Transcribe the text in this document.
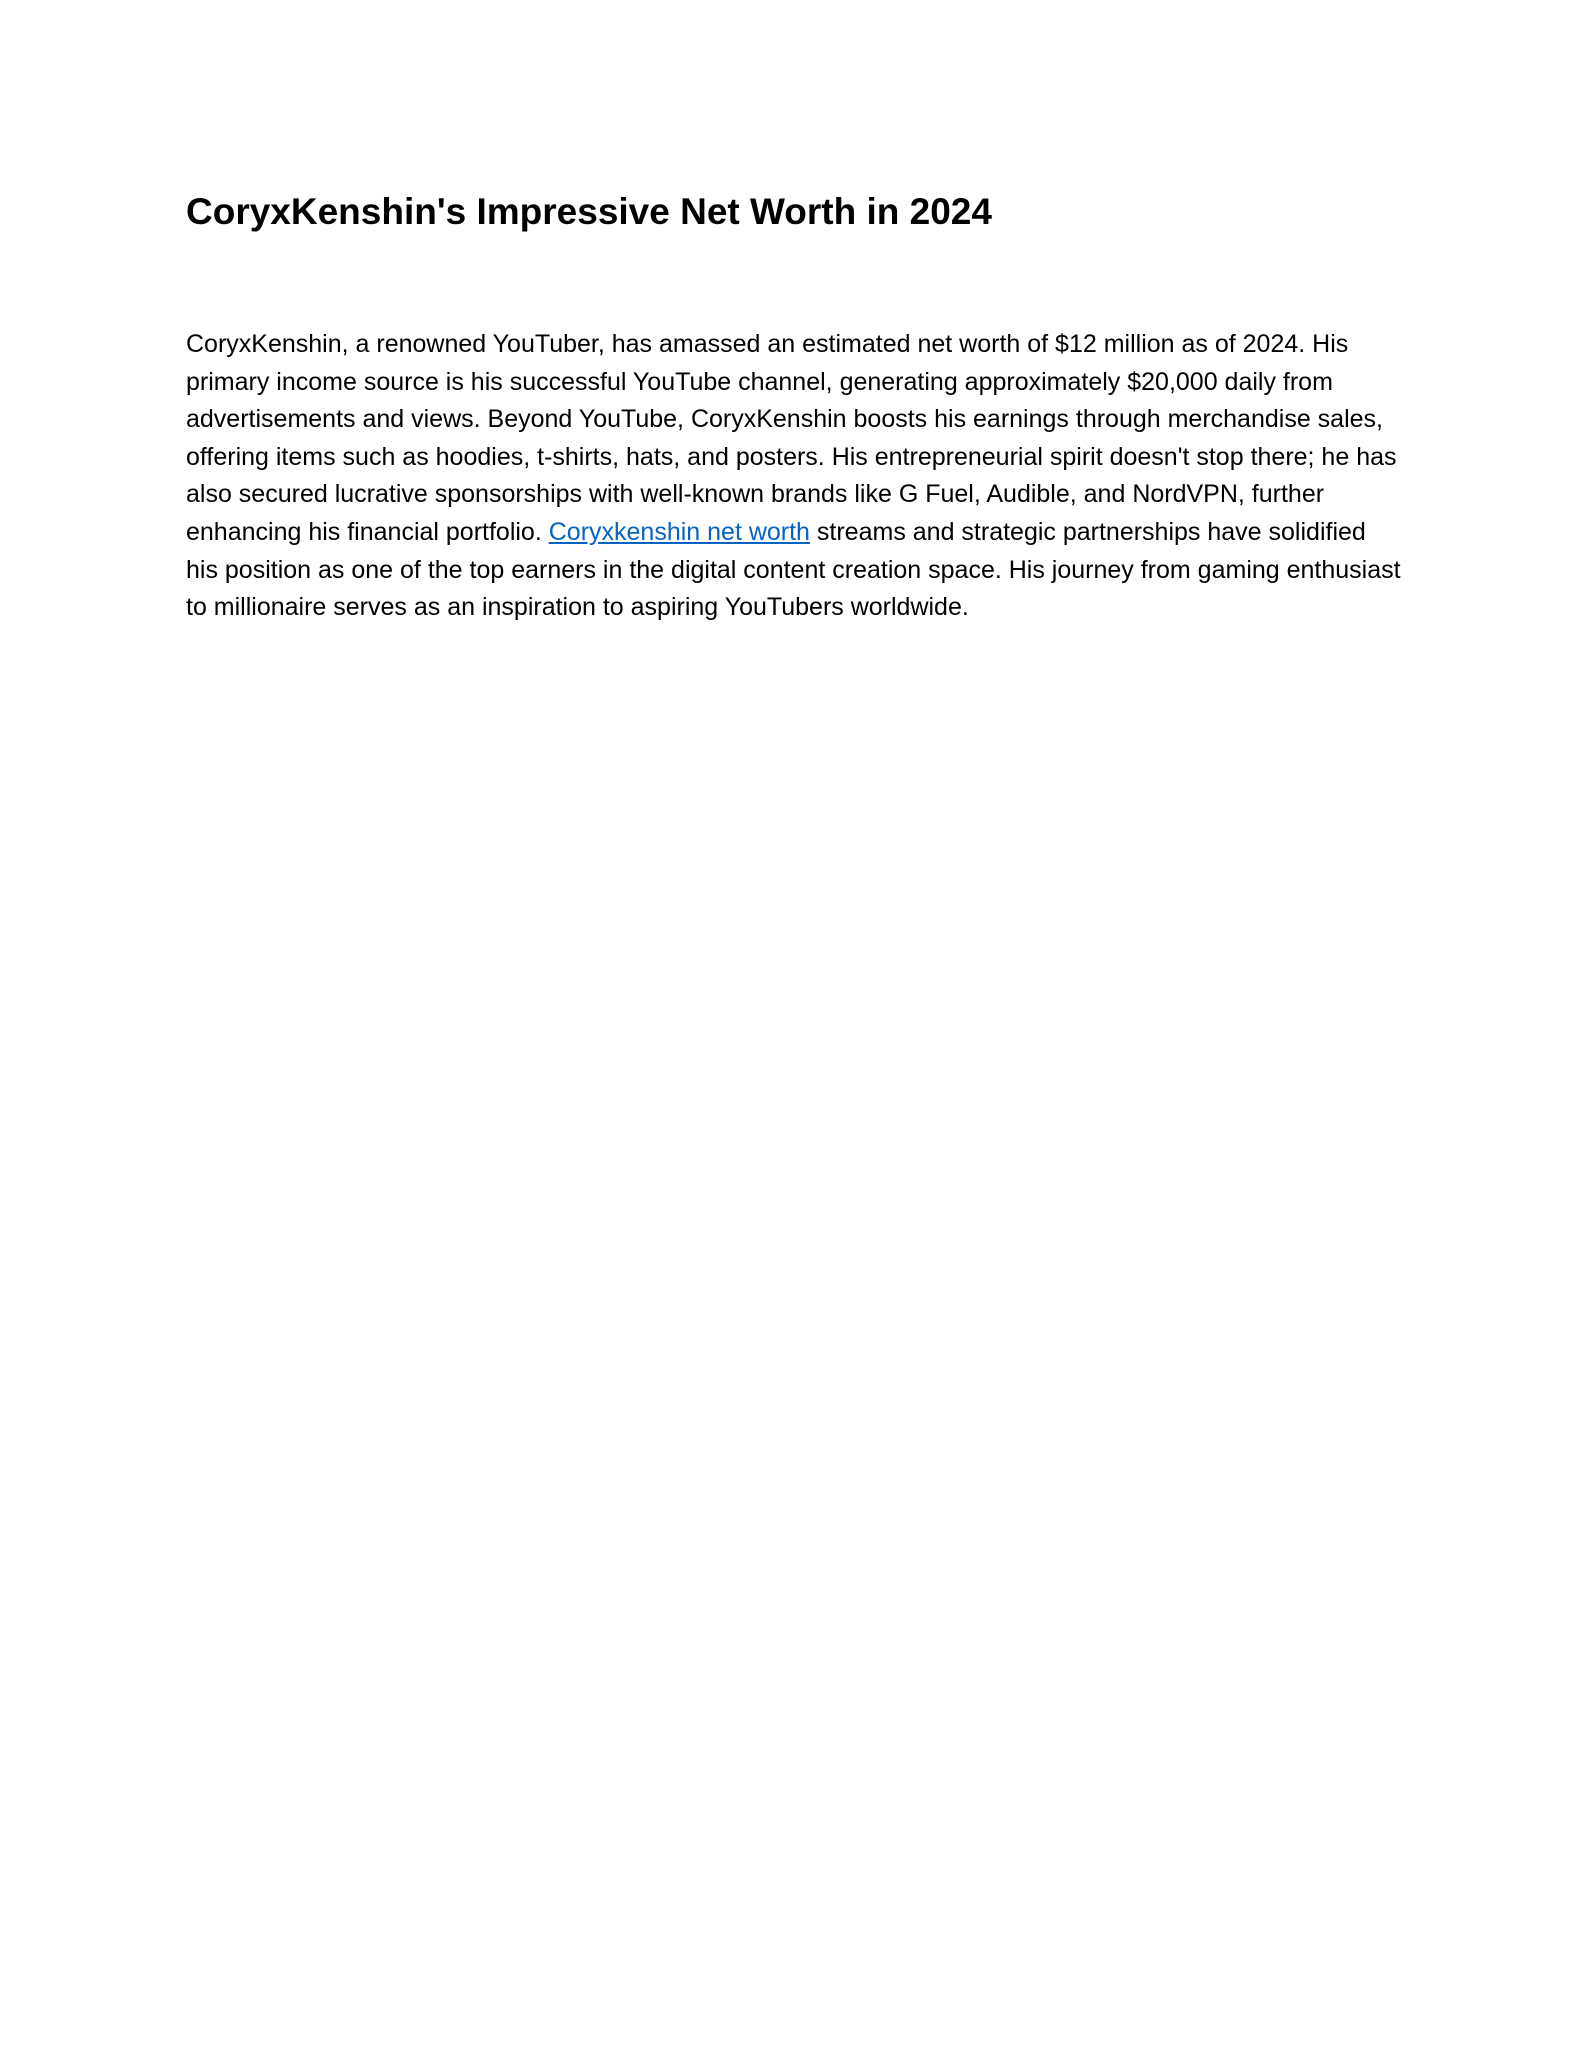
CoryxKenshin's Impressive Net Worth in 2024

CoryxKenshin, a renowned YouTuber, has amassed an estimated net worth of $12 million as of 2024. His primary income source is his successful YouTube channel, generating approximately $20,000 daily from advertisements and views. Beyond YouTube, CoryxKenshin boosts his earnings through merchandise sales, offering items such as hoodies, t-shirts, hats, and posters. His entrepreneurial spirit doesn't stop there; he has also secured lucrative sponsorships with well-known brands like G Fuel, Audible, and NordVPN, further enhancing his financial portfolio. Coryxkenshin net worth streams and strategic partnerships have solidified his position as one of the top earners in the digital content creation space. His journey from gaming enthusiast to millionaire serves as an inspiration to aspiring YouTubers worldwide.
